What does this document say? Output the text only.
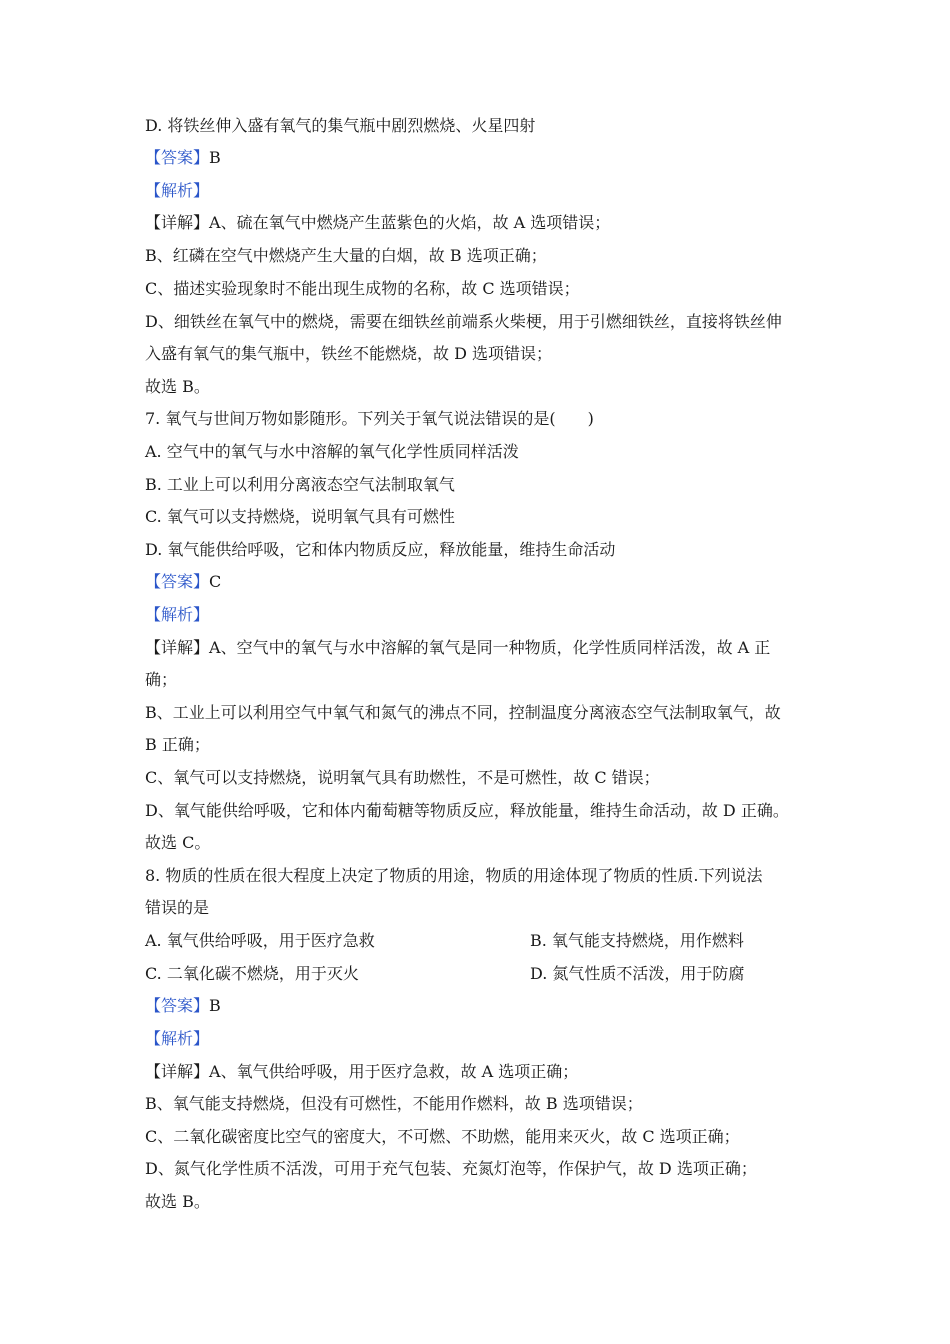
D. 将铁丝伸入盛有氧气的集气瓶中剧烈燃烧、火星四射
【答案】B
【解析】
【详解】A、硫在氧气中燃烧产生蓝紫色的火焰，故 A 选项错误；
B、红磷在空气中燃烧产生大量的白烟，故 B 选项正确；
C、描述实验现象时不能出现生成物的名称，故 C 选项错误；
D、细铁丝在氧气中的燃烧，需要在细铁丝前端系火柴梗，用于引燃细铁丝，直接将铁丝伸
入盛有氧气的集气瓶中，铁丝不能燃烧，故 D 选项错误；
故选 B。
7. 氧气与世间万物如影随形。下列关于氧气说法错误的是(　　)
A. 空气中的氧气与水中溶解的氧气化学性质同样活泼
B. 工业上可以利用分离液态空气法制取氧气
C. 氧气可以支持燃烧，说明氧气具有可燃性
D. 氧气能供给呼吸，它和体内物质反应，释放能量，维持生命活动
【答案】C
【解析】
【详解】A、空气中的氧气与水中溶解的氧气是同一种物质，化学性质同样活泼，故 A 正
确；
B、工业上可以利用空气中氧气和氮气的沸点不同，控制温度分离液态空气法制取氧气，故
B 正确；
C、氧气可以支持燃烧，说明氧气具有助燃性，不是可燃性，故 C 错误；
D、氧气能供给呼吸，它和体内葡萄糖等物质反应，释放能量，维持生命活动，故 D 正确。
故选 C。
8. 物质的性质在很大程度上决定了物质的用途，物质的用途体现了物质的性质.下列说法
错误的是
A. 氧气供给呼吸，用于医疗急救	B. 氧气能支持燃烧，用作燃料
C. 二氧化碳不燃烧，用于灭火	D. 氮气性质不活泼，用于防腐
【答案】B
【解析】
【详解】A、氧气供给呼吸，用于医疗急救，故 A 选项正确；
B、氧气能支持燃烧，但没有可燃性，不能用作燃料，故 B 选项错误；
C、二氧化碳密度比空气的密度大，不可燃、不助燃，能用来灭火，故 C 选项正确；
D、氮气化学性质不活泼，可用于充气包装、充氮灯泡等，作保护气，故 D 选项正确；
故选 B。
